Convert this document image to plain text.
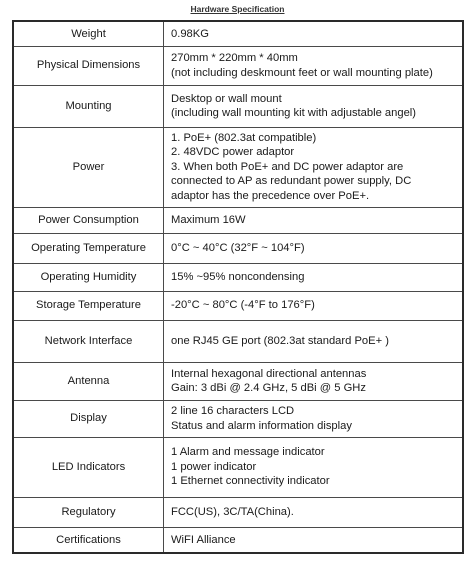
Hardware Specification
Weight	0.98KG

Physical Dimensions	270mm * 220mm * 40mm
(not including deskmount feet or wall mounting plate)

Mounting	Desktop or wall mount
(including wall mounting kit with adjustable angel)

Power	1. PoE+ (802.3at compatible)
2. 48VDC power adaptor
3. When both PoE+ and DC power adaptor are
connected to AP as redundant power supply, DC
adaptor has the precedence over PoE+.

Power Consumption	Maximum 16W

Operating Temperature	0°C ~ 40°C (32°F ~ 104°F)

Operating Humidity	15% ~95% noncondensing

Storage Temperature	-20°C ~ 80°C (-4°F to 176°F)

Network Interface	one RJ45 GE port (802.3at standard PoE+ )

Antenna	Internal hexagonal directional antennas
Gain: 3 dBi @ 2.4 GHz, 5 dBi @ 5 GHz

Display	2 line 16 characters LCD
Status and alarm information display

LED Indicators	1 Alarm and message indicator
1 power indicator
1 Ethernet connectivity indicator

Regulatory	FCC(US), 3C/TA(China).

Certifications	WiFI Alliance
